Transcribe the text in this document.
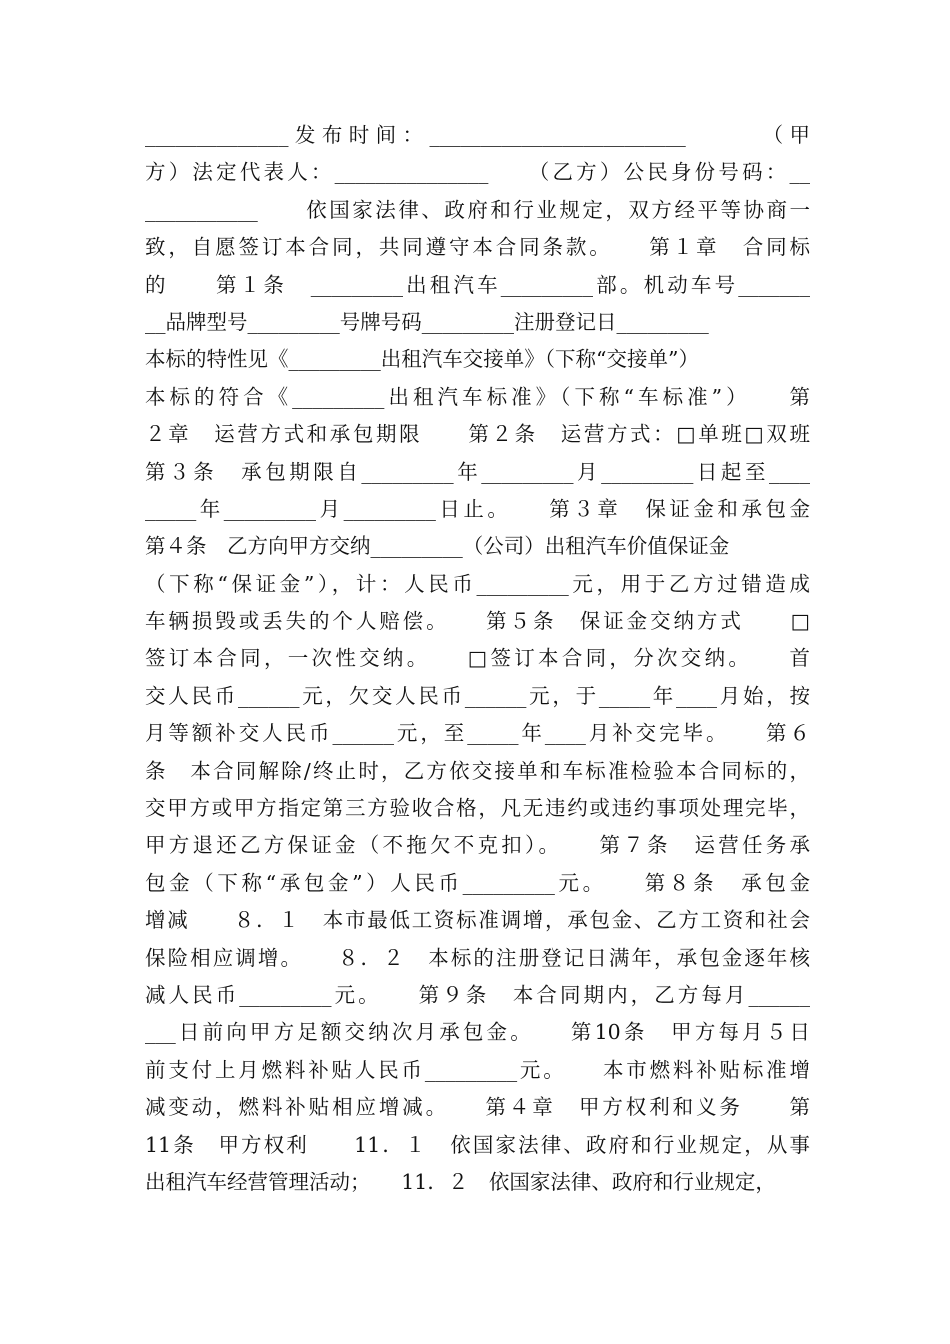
______________发布时间：_________________________　　　（甲
方）法定代表人：_______________　　（乙方）公民身份号码：__
___________　　依国家法律、政府和行业规定，双方经平等协商一
致，自愿签订本合同，共同遵守本合同条款。　　第１章　合同标
的　　第１条　_________出租汽车_________部。机动车号_______
__品牌型号_________号牌号码_________注册登记日_________
本标的特性见《_________出租汽车交接单》（下称“交接单”）
本标的符合《_________出租汽车标准》（下称“车标准”）　　第
２章　运营方式和承包期限　　第２条　运营方式：□单班□双班
第３条　承包期限自_________年_________月_________日起至____
_____年_________月_________日止。　　第３章　保证金和承包金
第４条　乙方向甲方交纳_________（公司）出租汽车价值保证金
（下称“保证金”），计：人民币_________元，用于乙方过错造成
车辆损毁或丢失的个人赔偿。　　第５条　保证金交纳方式　　□
签订本合同，一次性交纳。　　□签订本合同，分次交纳。　　首
交人民币______元，欠交人民币______元，于_____年____月始，按
月等额补交人民币______元，至_____年____月补交完毕。　　第６
条　本合同解除/终止时，乙方依交接单和车标准检验本合同标的，
交甲方或甲方指定第三方验收合格，凡无违约或违约事项处理完毕，
甲方退还乙方保证金（不拖欠不克扣）。　　第７条　运营任务承
包金（下称“承包金”）人民币_________元。　　第８条　承包金
增减　　８．１　本市最低工资标准调增，承包金、乙方工资和社会
保险相应调增。　　８．２　本标的注册登记日满年，承包金逐年核
减人民币_________元。　　第９条　本合同期内，乙方每月______
___日前向甲方足额交纳次月承包金。　　第10条　甲方每月５日
前支付上月燃料补贴人民币_________元。　　本市燃料补贴标准增
减变动，燃料补贴相应增减。　　第４章　甲方权利和义务　　第
11条　甲方权利　　11．１　依国家法律、政府和行业规定，从事
出租汽车经营管理活动；　　11．２　依国家法律、政府和行业规定，
